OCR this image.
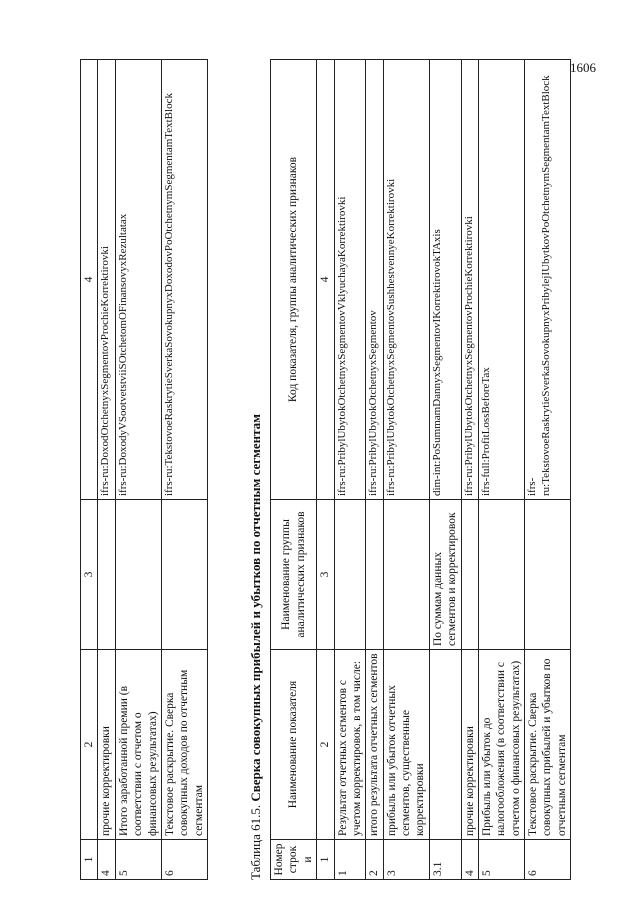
1606
1	2	3	4
4	прочие корректировки		ifrs-ru:DoxodOtchetnyxSegmentovProchieKorrektirovki
5	Итого заработанной премии (в соответствии с отчетом о финансовых результатах)		ifrs-ru:DoxodyVSootvetstviiSOtchetomOFinansovyxRezultatax
6	Текстовое раскрытие. Сверка совокупных доходов по отчетным сегментам		ifrs-ru:TekstovoeRaskrytieSverkaSovokupnyxDoxodovPoOtchetnymSegmentamTextBlock
Таблица 61.5. Сверка совокупных прибылей и убытков по отчетным сегментам
Номер строки	Наименование показателя	Наименование группы аналитических признаков	Код показателя, группы аналитических признаков
1	2	3	4
1	Результат отчетных сегментов с учетом корректировок, в том числе:		ifrs-ru:PribylUbytokOtchetnyxSegmentovVklyuchayaKorrektirovki
2	итого результата отчетных сегментов		ifrs-ru:PribylUbytokOtchetnyxSegmentov
3	прибыль или убыток отчетных сегментов, существенные корректировки		ifrs-ru:PribylUbytokOtchetnyxSegmentovSushhestvennyeKorrektirovki
3.1		По суммам данных сегментов и корректировок	dim-int:PoSummamDannyxSegmentovIKorrektirovokTAxis
4	прочие корректировки		ifrs-ru:PribylUbytokOtchetnyxSegmentovProchieKorrektirovki
5	Прибыль или убыток до налогообложения (в соответствии с отчетом о финансовых результатах)		ifrs-full:ProfitLossBeforeTax
6	Текстовое раскрытие. Сверка совокупных прибылей и убытков по отчетным сегментам		ifrs-ru:TekstovoeRaskrytieSverkaSovokupnyxPribylejIUbytkovPoOtchetnymSegmentamTextBlock
